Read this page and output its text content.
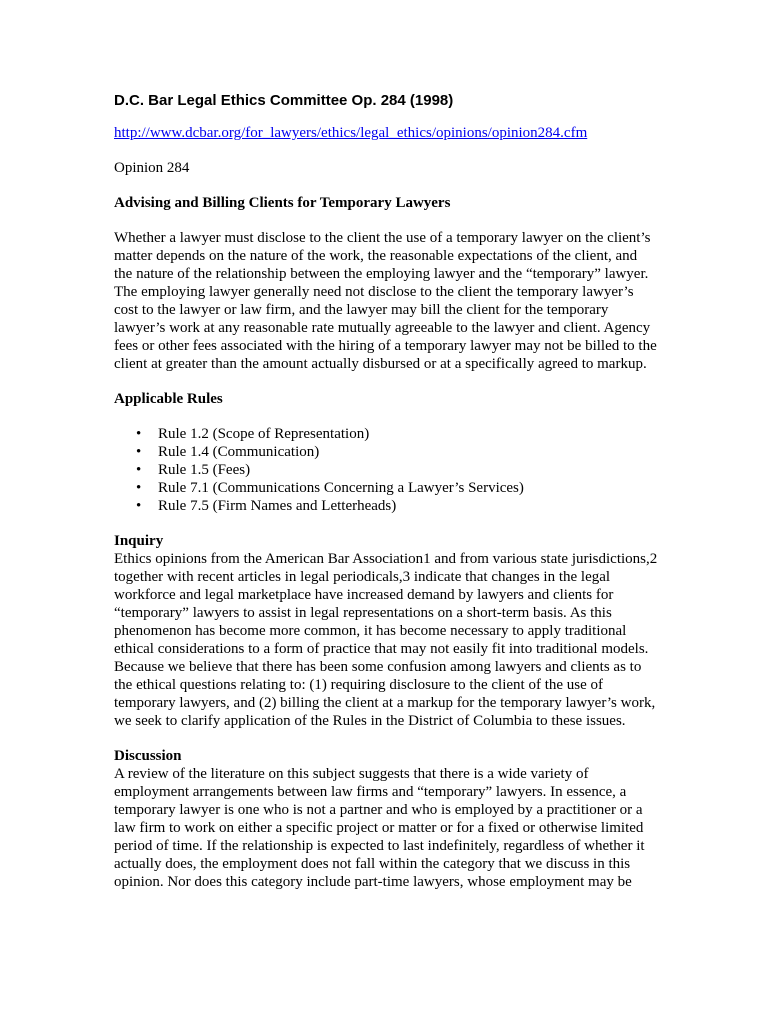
D.C. Bar Legal Ethics Committee Op. 284 (1998)
http://www.dcbar.org/for_lawyers/ethics/legal_ethics/opinions/opinion284.cfm
Opinion 284
Advising and Billing Clients for Temporary Lawyers
Whether a lawyer must disclose to the client the use of a temporary lawyer on the client’s matter depends on the nature of the work, the reasonable expectations of the client, and the nature of the relationship between the employing lawyer and the “temporary” lawyer. The employing lawyer generally need not disclose to the client the temporary lawyer’s cost to the lawyer or law firm, and the lawyer may bill the client for the temporary lawyer’s work at any reasonable rate mutually agreeable to the lawyer and client. Agency fees or other fees associated with the hiring of a temporary lawyer may not be billed to the client at greater than the amount actually disbursed or at a specifically agreed to markup.
Applicable Rules
• Rule 1.2 (Scope of Representation)
• Rule 1.4 (Communication)
• Rule 1.5 (Fees)
• Rule 7.1 (Communications Concerning a Lawyer’s Services)
• Rule 7.5 (Firm Names and Letterheads)
Inquiry
Ethics opinions from the American Bar Association1 and from various state jurisdictions,2 together with recent articles in legal periodicals,3 indicate that changes in the legal workforce and legal marketplace have increased demand by lawyers and clients for “temporary” lawyers to assist in legal representations on a short-term basis. As this phenomenon has become more common, it has become necessary to apply traditional ethical considerations to a form of practice that may not easily fit into traditional models. Because we believe that there has been some confusion among lawyers and clients as to the ethical questions relating to: (1) requiring disclosure to the client of the use of temporary lawyers, and (2) billing the client at a markup for the temporary lawyer’s work, we seek to clarify application of the Rules in the District of Columbia to these issues.
Discussion
A review of the literature on this subject suggests that there is a wide variety of employment arrangements between law firms and “temporary” lawyers. In essence, a temporary lawyer is one who is not a partner and who is employed by a practitioner or a law firm to work on either a specific project or matter or for a fixed or otherwise limited period of time. If the relationship is expected to last indefinitely, regardless of whether it actually does, the employment does not fall within the category that we discuss in this opinion. Nor does this category include part-time lawyers, whose employment may be
